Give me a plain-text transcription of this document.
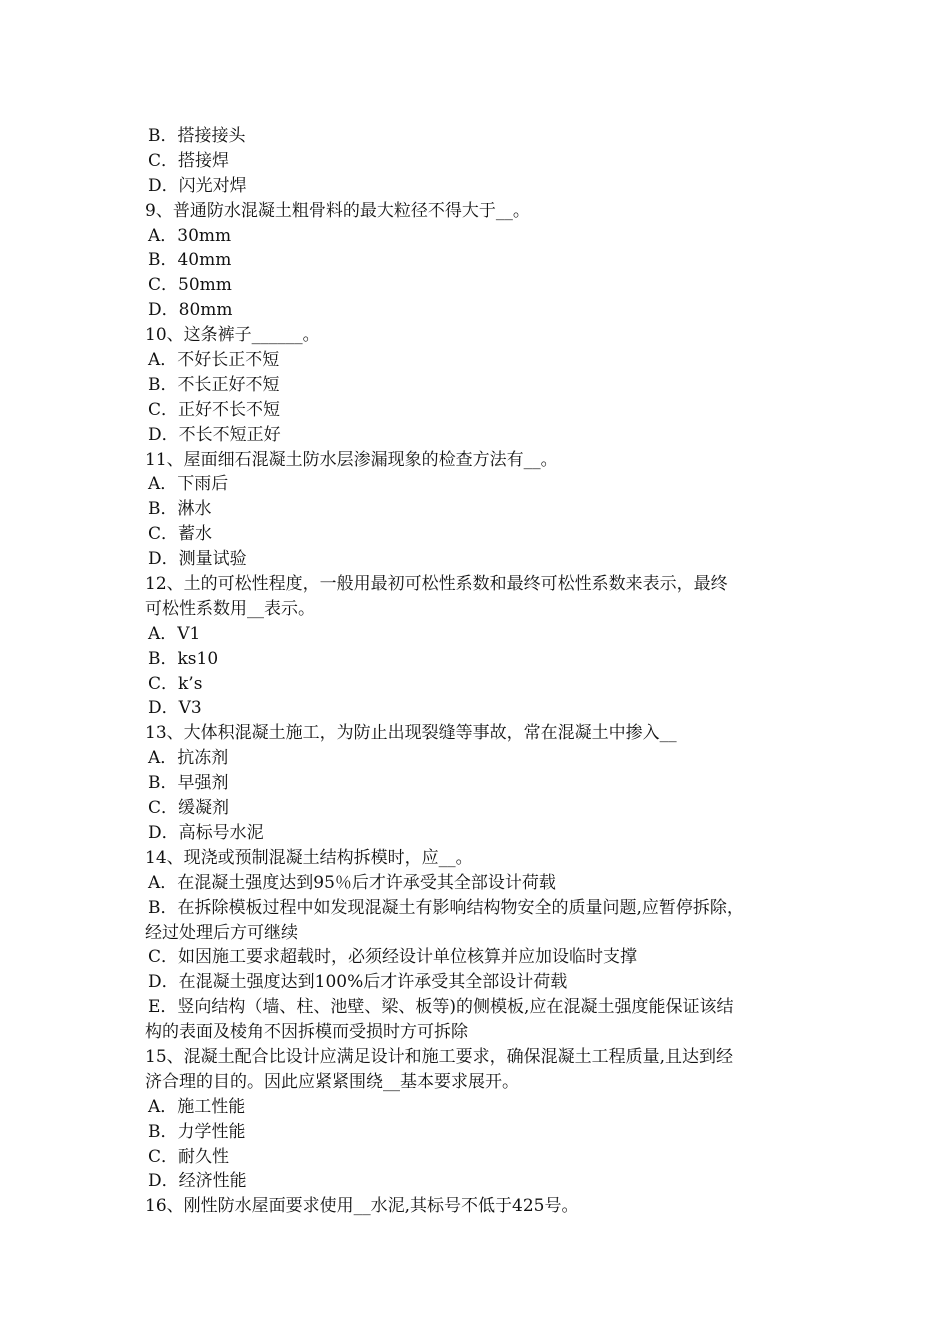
B．搭接接头
C．搭接焊
D．闪光对焊
9、普通防水混凝土粗骨料的最大粒径不得大于__。
A．30mm
B．40mm
C．50mm
D．80mm
10、这条裤子______。
A．不好长正不短
B．不长正好不短
C．正好不长不短
D．不长不短正好
11、屋面细石混凝土防水层渗漏现象的检查方法有__。
A．下雨后
B．淋水
C．蓄水
D．测量试验
12、土的可松性程度，一般用最初可松性系数和最终可松性系数来表示，最终
可松性系数用__表示。
A．V1
B．ks10
C．k’s
D．V3
13、大体积混凝土施工，为防止出现裂缝等事故，常在混凝土中掺入__
A．抗冻剂
B．早强剂
C．缓凝剂
D．高标号水泥
14、现浇或预制混凝土结构拆模时，应__。
A．在混凝土强度达到95％后才许承受其全部设计荷载
B．在拆除模板过程中如发现混凝土有影响结构物安全的质量问题,应暂停拆除，
经过处理后方可继续
C．如因施工要求超载时，必须经设计单位核算并应加设临时支撑
D．在混凝土强度达到100%后才许承受其全部设计荷载
E．竖向结构（墙、柱、池壁、梁、板等)的侧模板,应在混凝土强度能保证该结
构的表面及棱角不因拆模而受损时方可拆除
15、混凝土配合比设计应满足设计和施工要求，确保混凝土工程质量,且达到经
济合理的目的。因此应紧紧围绕__基本要求展开。
A．施工性能
B．力学性能
C．耐久性
D．经济性能
16、刚性防水屋面要求使用__水泥,其标号不低于425号。
